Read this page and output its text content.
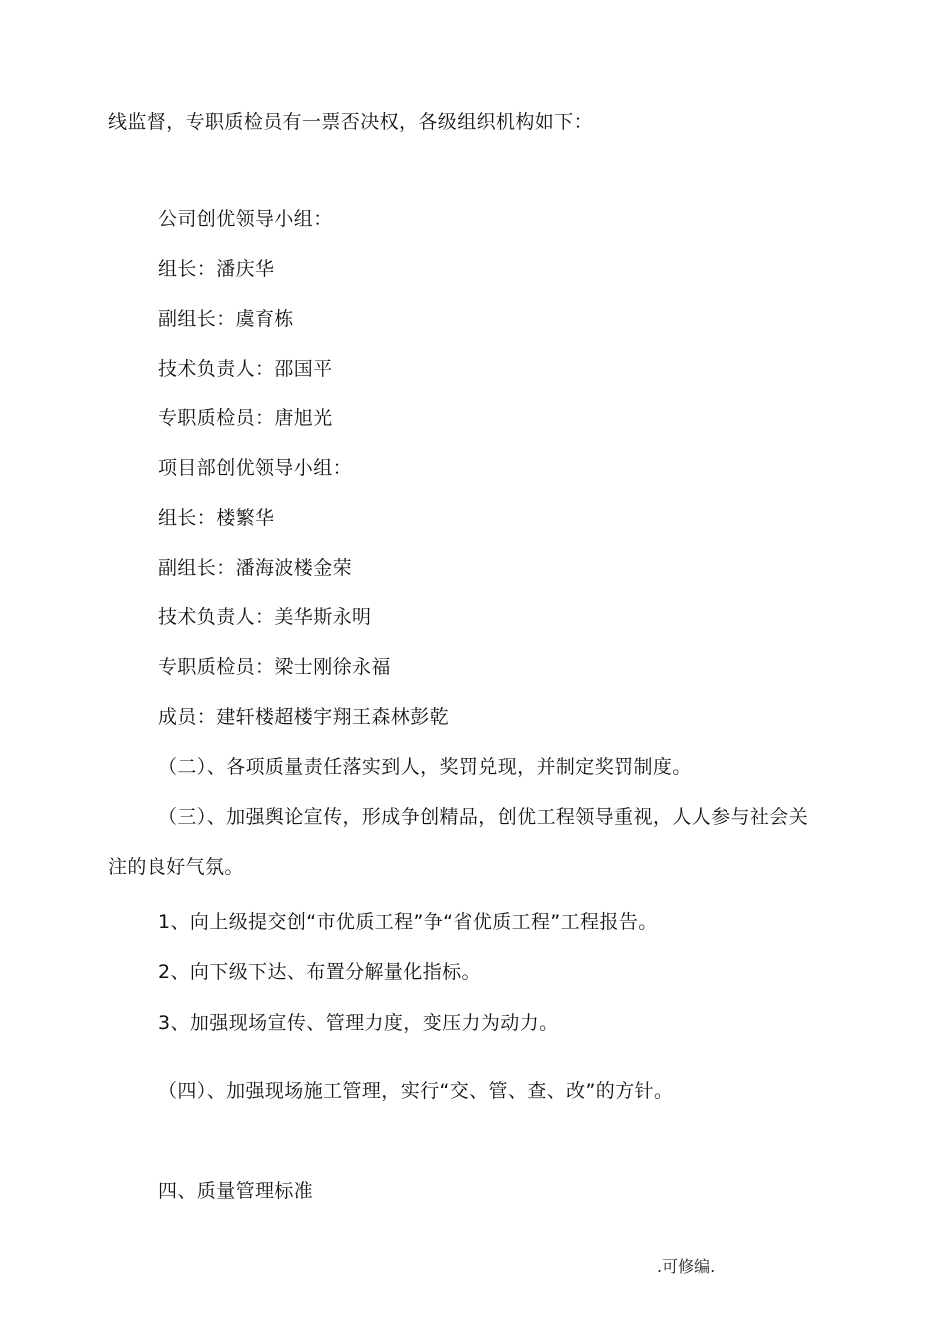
线监督，专职质检员有一票否决权，各级组织机构如下：
公司创优领导小组：
组长：潘庆华
副组长：虞育栋
技术负责人：邵国平
专职质检员：唐旭光
项目部创优领导小组：
组长：楼繁华
副组长：潘海波楼金荣
技术负责人：美华斯永明
专职质检员：梁士刚徐永福
成员：建轩楼超楼宇翔王森林彭乾
（二）、各项质量责任落实到人，奖罚兑现，并制定奖罚制度。
（三）、加强舆论宣传，形成争创精品，创优工程领导重视，人人参与社会关
注的良好气氛。
1、向上级提交创“市优质工程”争“省优质工程”工程报告。
2、向下级下达、布置分解量化指标。
3、加强现场宣传、管理力度，变压力为动力。
（四）、加强现场施工管理，实行“交、管、查、改”的方针。
四、质量管理标准
.可修编.
